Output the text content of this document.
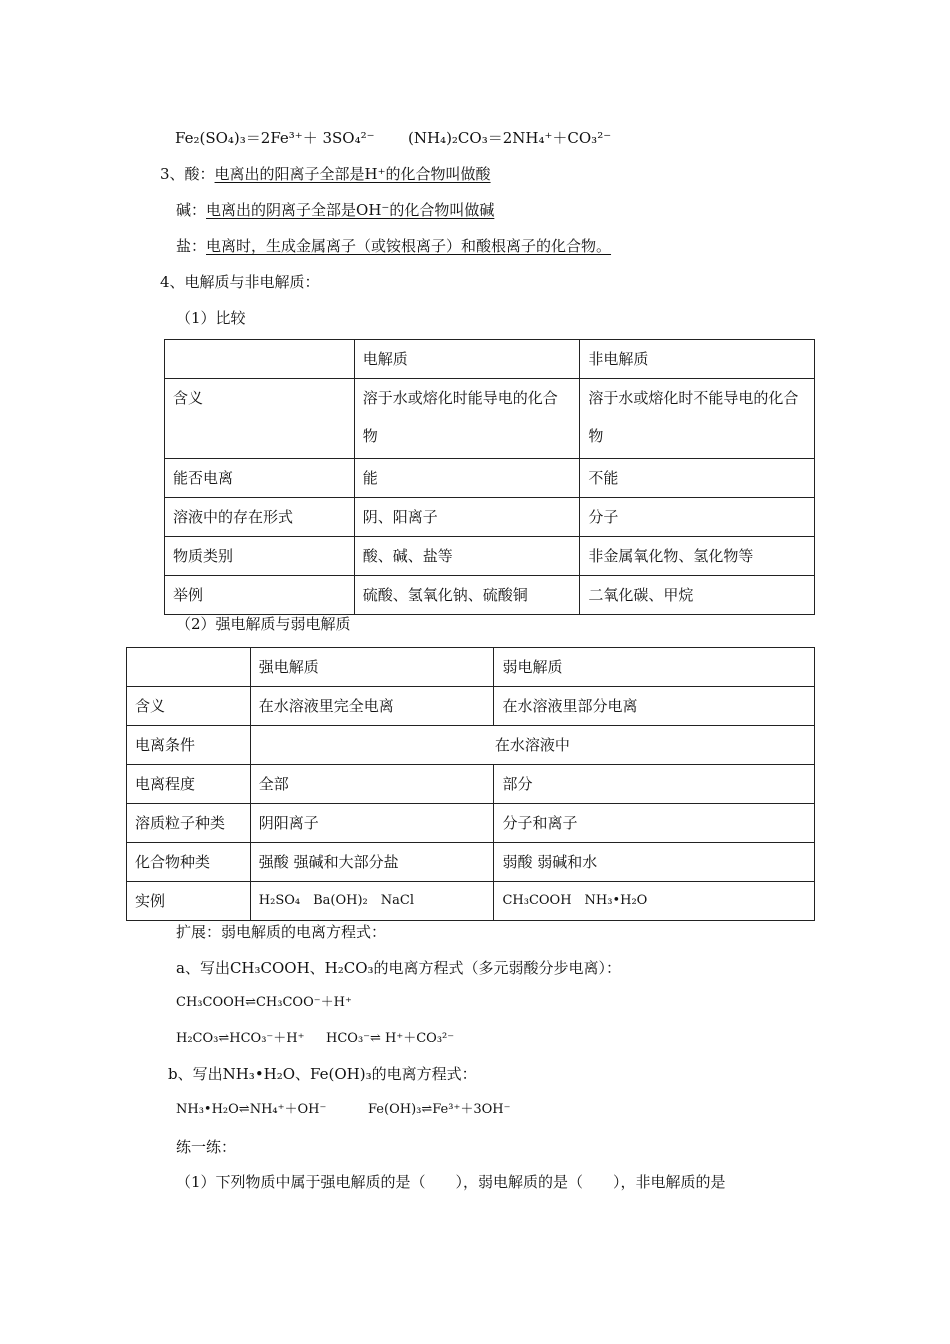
Fe₂(SO₄)₃＝2Fe³⁺＋ 3SO₄²⁻ (NH₄)₂CO₃＝2NH₄⁺＋CO₃²⁻
3、酸：电离出的阳离子全部是H⁺的化合物叫做酸
碱：电离出的阴离子全部是OH⁻的化合物叫做碱
盐：电离时，生成金属离子（或铵根离子）和酸根离子的化合物。
4、电解质与非电解质：
（1）比较
	电解质	非电解质
含义	溶于水或熔化时能导电的化合物	溶于水或熔化时不能导电的化合物
能否电离	能	不能
溶液中的存在形式	阴、阳离子	分子
物质类别	酸、碱、盐等	非金属氧化物、氢化物等
举例	硫酸、氢氧化钠、硫酸铜	二氧化碳、甲烷
（2）强电解质与弱电解质
	强电解质	弱电解质
含义	在水溶液里完全电离	在水溶液里部分电离
电离条件	在水溶液中	
电离程度	全部	部分
溶质粒子种类	阴阳离子	分子和离子
化合物种类	强酸 强碱和大部分盐	弱酸 弱碱和水
实例	H₂SO₄　Ba(OH)₂　NaCl	CH₃COOH　NH₃•H₂O
扩展：弱电解质的电离方程式：
a、写出CH₃COOH、H₂CO₃的电离方程式（多元弱酸分步电离）：
CH₃COOH⇌CH₃COO⁻＋H⁺
H₂CO₃⇌HCO₃⁻＋H⁺ HCO₃⁻⇌ H⁺＋CO₃²⁻
b、写出NH₃•H₂O、Fe(OH)₃的电离方程式：
NH₃•H₂O⇌NH₄⁺＋OH⁻	Fe(OH)₃⇌Fe³⁺＋3OH⁻
练一练：
（1）下列物质中属于强电解质的是（　　），弱电解质的是（　　），非电解质的是
